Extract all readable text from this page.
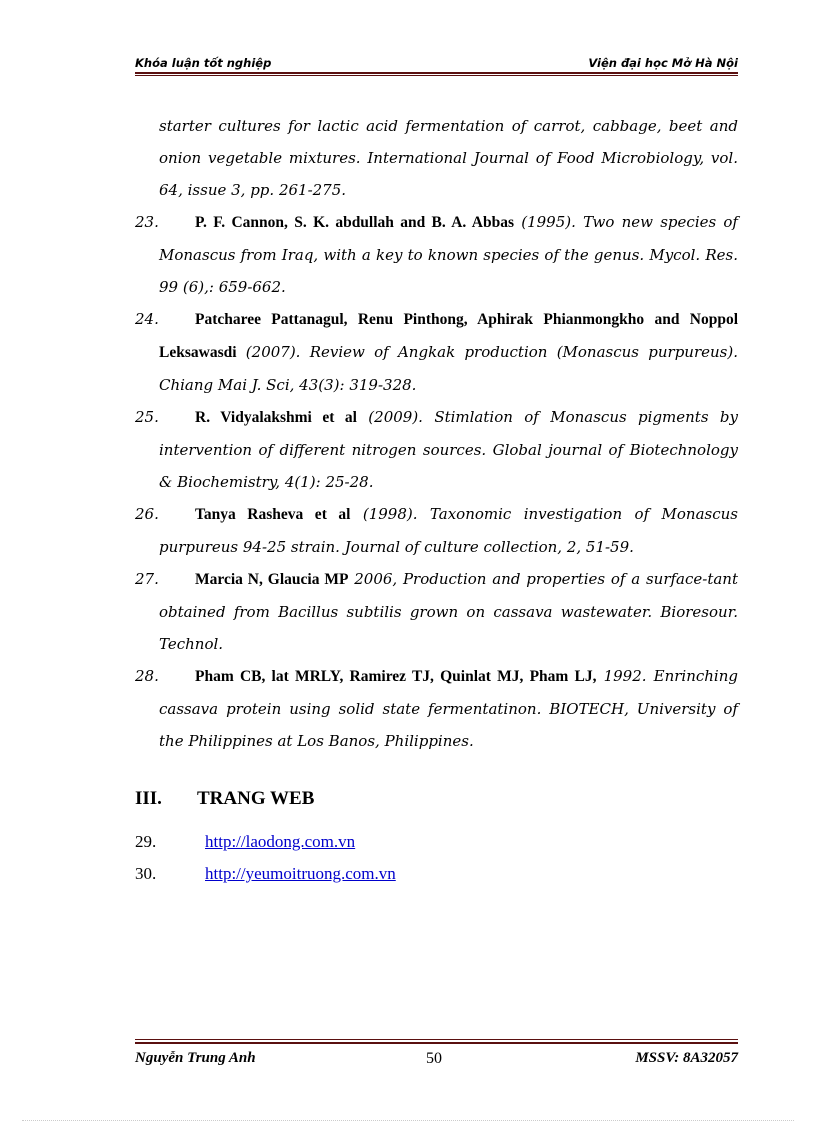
Khóa luận tốt nghiệp	Viện đại học Mở Hà Nội
starter cultures for lactic acid fermentation of carrot, cabbage, beet and onion vegetable mixtures. International Journal of Food Microbiology, vol. 64, issue 3, pp. 261-275.
23. P. F. Cannon, S. K. abdullah and B. A. Abbas (1995). Two new species of Monascus from Iraq, with a key to known species of the genus. Mycol. Res. 99 (6),: 659-662.
24. Patcharee Pattanagul, Renu Pinthong, Aphirak Phianmongkho and Noppol Leksawasdi (2007). Review of Angkak production (Monascus purpureus). Chiang Mai J. Sci, 43(3): 319-328.
25. R. Vidyalakshmi et al (2009). Stimlation of Monascus pigments by intervention of different nitrogen sources. Global journal of Biotechnology & Biochemistry, 4(1): 25-28.
26. Tanya Rasheva et al (1998). Taxonomic investigation of Monascus purpureus 94-25 strain. Journal of culture collection, 2, 51-59.
27. Marcia N, Glaucia MP 2006, Production and properties of a surface-tant obtained from Bacillus subtilis grown on cassava wastewater. Bioresour. Technol.
28. Pham CB, lat MRLY, Ramirez TJ, Quinlat MJ, Pham LJ, 1992. Enrinching cassava protein using solid state fermentatinon. BIOTECH, University of the Philippines at Los Banos, Philippines.
III. TRANG WEB
29.	http://laodong.com.vn
30.	http://yeumoitruong.com.vn
Nguyễn Trung Anh	50	MSSV: 8A32057
